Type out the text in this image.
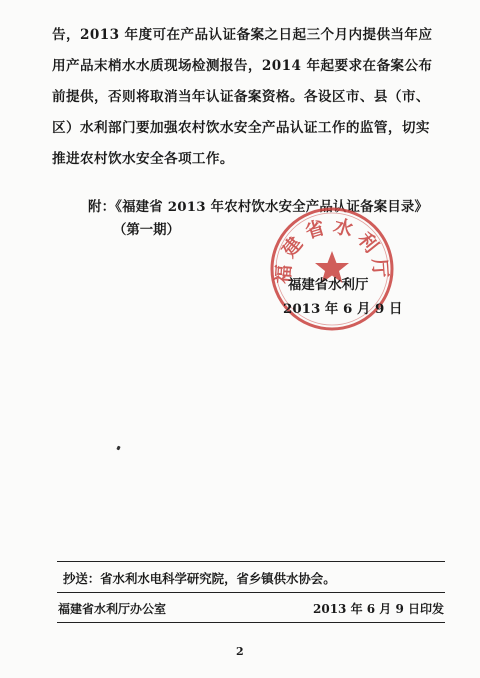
告，2013 年度可在产品认证备案之日起三个月内提供当年应
用产品末梢水水质现场检测报告，2014 年起要求在备案公布
前提供，否则将取消当年认证备案资格。各设区市、县（市、
区）水利部门要加强农村饮水安全产品认证工作的监管，切实
推进农村饮水安全各项工作。
附：《福建省 2013 年农村饮水安全产品认证备案目录》
（第一期）
福建省水利厅
福建省水利厅
2013 年 6 月 9 日
抄送：省水利水电科学研究院，省乡镇供水协会。
福建省水利厅办公室	2013 年 6 月 9 日印发
2
